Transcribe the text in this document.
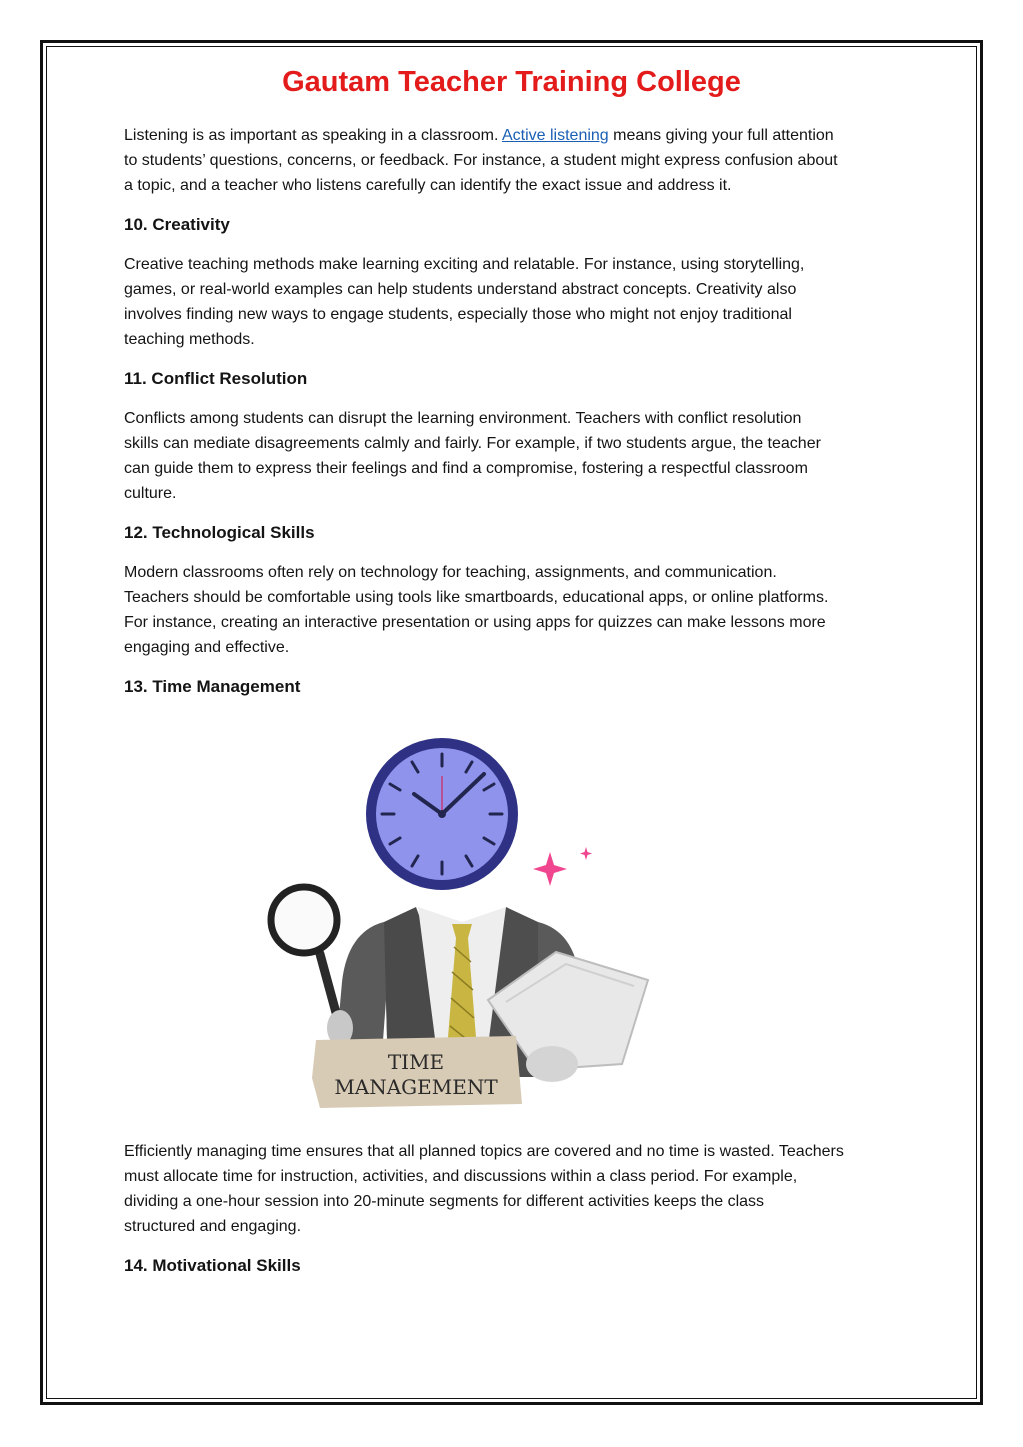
Gautam Teacher Training College

Listening is as important as speaking in a classroom. Active listening means giving your full attention
to students’ questions, concerns, or feedback. For instance, a student might express confusion about
a topic, and a teacher who listens carefully can identify the exact issue and address it.

10. Creativity

Creative teaching methods make learning exciting and relatable. For instance, using storytelling,
games, or real-world examples can help students understand abstract concepts. Creativity also
involves finding new ways to engage students, especially those who might not enjoy traditional
teaching methods.

11. Conflict Resolution

Conflicts among students can disrupt the learning environment. Teachers with conflict resolution
skills can mediate disagreements calmly and fairly. For example, if two students argue, the teacher
can guide them to express their feelings and find a compromise, fostering a respectful classroom
culture.

12. Technological Skills

Modern classrooms often rely on technology for teaching, assignments, and communication.
Teachers should be comfortable using tools like smartboards, educational apps, or online platforms.
For instance, creating an interactive presentation or using apps for quizzes can make lessons more
engaging and effective.

13. Time Management
TIME
MANAGEMENT

Efficiently managing time ensures that all planned topics are covered and no time is wasted. Teachers
must allocate time for instruction, activities, and discussions within a class period. For example,
dividing a one-hour session into 20-minute segments for different activities keeps the class
structured and engaging.

14. Motivational Skills
